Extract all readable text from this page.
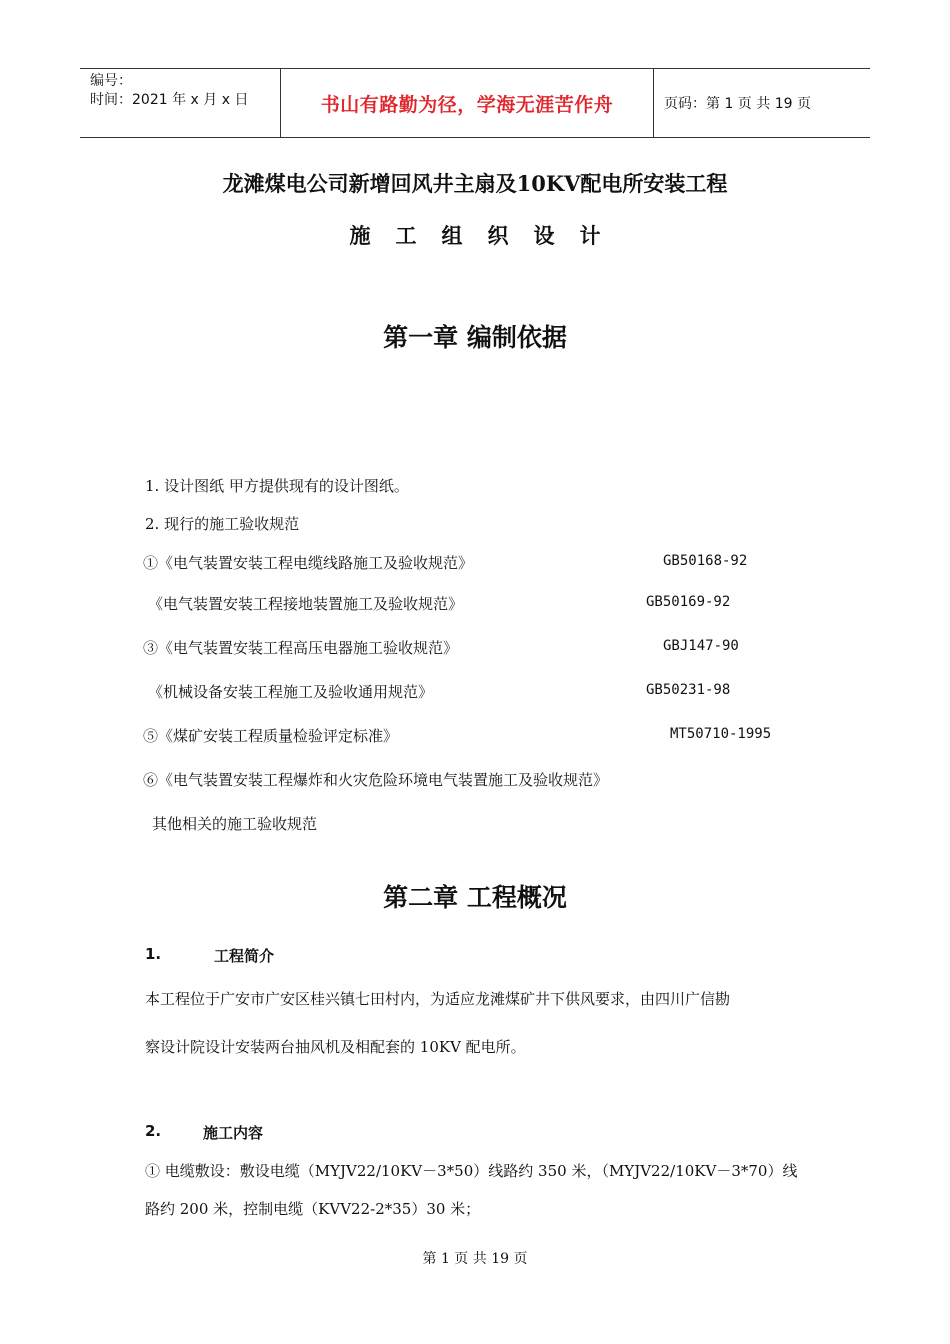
编号：
时间：2021 年 x 月 x 日	书山有路勤为径，学海无涯苦作舟	页码：第 1 页 共 19 页
龙滩煤电公司新增回风井主扇及10KV配电所安装工程
施工组织设计
第一章 编制依据
1. 设计图纸 甲方提供现有的设计图纸。
2. 现行的施工验收规范
①《电气装置安装工程电缆线路施工及验收规范》	GB50168-92
《电气装置安装工程接地装置施工及验收规范》	GB50169-92
③《电气装置安装工程高压电器施工验收规范》	GBJ147-90
《机械设备安装工程施工及验收通用规范》	GB50231-98
⑤《煤矿安装工程质量检验评定标准》	MT50710-1995
⑥《电气装置安装工程爆炸和火灾危险环境电气装置施工及验收规范》
其他相关的施工验收规范
第二章 工程概况
1.	工程简介
本工程位于广安市广安区桂兴镇七田村内，为适应龙滩煤矿井下供风要求，由四川广信勘
察设计院设计安装两台抽风机及相配套的 10KV 配电所。
2.	施工内容
① 电缆敷设：敷设电缆（MYJV22/10KV－3*50）线路约 350 米，（MYJV22/10KV－3*70）线
路约 200 米，控制电缆（KVV22-2*35）30 米；
第 1 页 共 19 页
